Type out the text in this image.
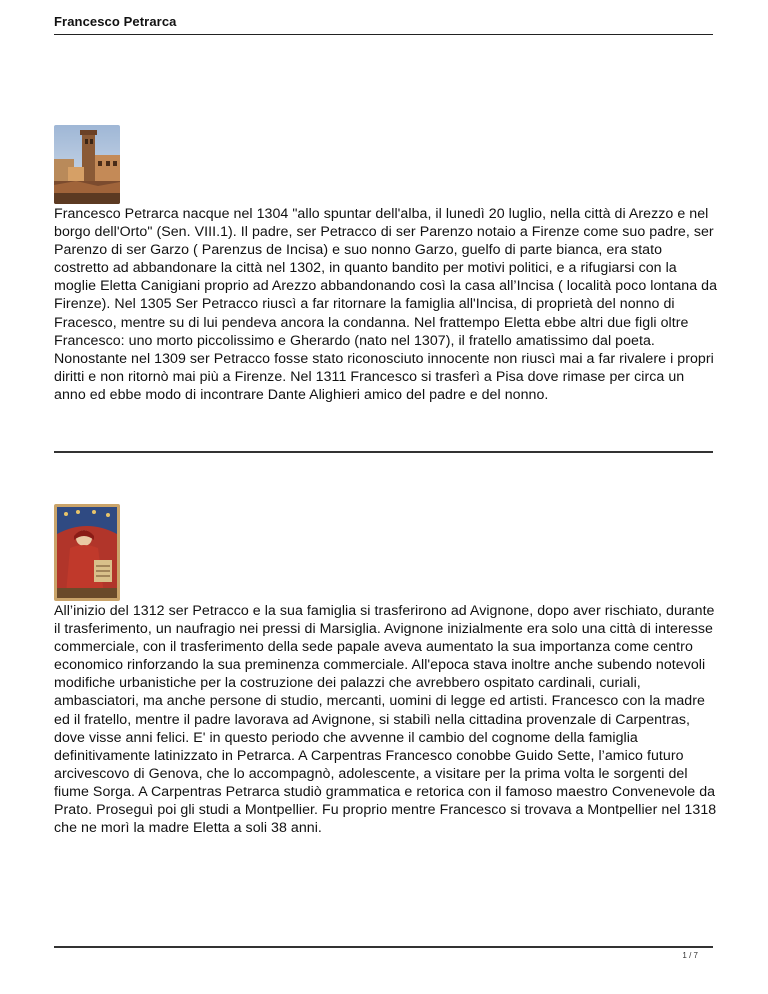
Francesco Petrarca

Francesco Petrarca nacque nel 1304 "allo spuntar dell'alba, il lunedì 20 luglio, nella città di Arezzo e nel borgo dell'Orto" (Sen. VIII.1). Il padre, ser Petracco di ser Parenzo notaio a Firenze come suo padre, ser Parenzo di ser Garzo ( Parenzus de Incisa) e suo nonno Garzo, guelfo di parte bianca, era stato costretto ad abbandonare la città nel 1302, in quanto bandito per motivi politici, e a rifugiarsi con la moglie Eletta Canigiani proprio ad Arezzo abbandonando così la casa all’Incisa ( località poco lontana da Firenze). Nel 1305 Ser Petracco riuscì a far ritornare la famiglia all'Incisa, di proprietà del nonno di Fracesco, mentre su di lui pendeva ancora la condanna. Nel frattempo Eletta ebbe altri due figli oltre Francesco: uno morto piccolissimo e Gherardo (nato nel 1307), il fratello amatissimo dal poeta. Nonostante nel 1309 ser Petracco fosse stato riconosciuto innocente non riuscì mai a far rivalere i propri diritti e non ritornò mai più a Firenze. Nel 1311 Francesco si trasferì a Pisa dove rimase per circa un anno ed ebbe modo di incontrare Dante Alighieri amico del padre e del nonno.

All’inizio del 1312 ser Petracco e la sua famiglia si trasferirono ad Avignone, dopo aver rischiato, durante il trasferimento, un naufragio nei pressi di Marsiglia. Avignone inizialmente era solo una città di interesse commerciale, con il trasferimento della sede papale aveva aumentato la sua importanza come centro economico rinforzando la sua preminenza commerciale. All'epoca stava inoltre anche subendo notevoli modifiche urbanistiche per la costruzione dei palazzi che avrebbero ospitato cardinali, curiali, ambasciatori, ma anche persone di studio, mercanti, uomini di legge ed artisti. Francesco con la madre ed il fratello, mentre il padre lavorava ad Avignone, si stabilì nella cittadina provenzale di Carpentras, dove visse anni felici. E' in questo periodo che avvenne il cambio del cognome della famiglia definitivamente latinizzato in Petrarca. A Carpentras Francesco conobbe Guido Sette, l’amico futuro arcivescovo di Genova, che lo accompagnò, adolescente, a visitare per la prima volta le sorgenti del fiume Sorga. A Carpentras Petrarca studiò grammatica e retorica con il famoso maestro Convenevole da Prato. Proseguì poi gli studi a Montpellier. Fu proprio mentre Francesco si trovava a Montpellier nel 1318 che ne morì la madre Eletta a soli 38 anni.

1 / 7
